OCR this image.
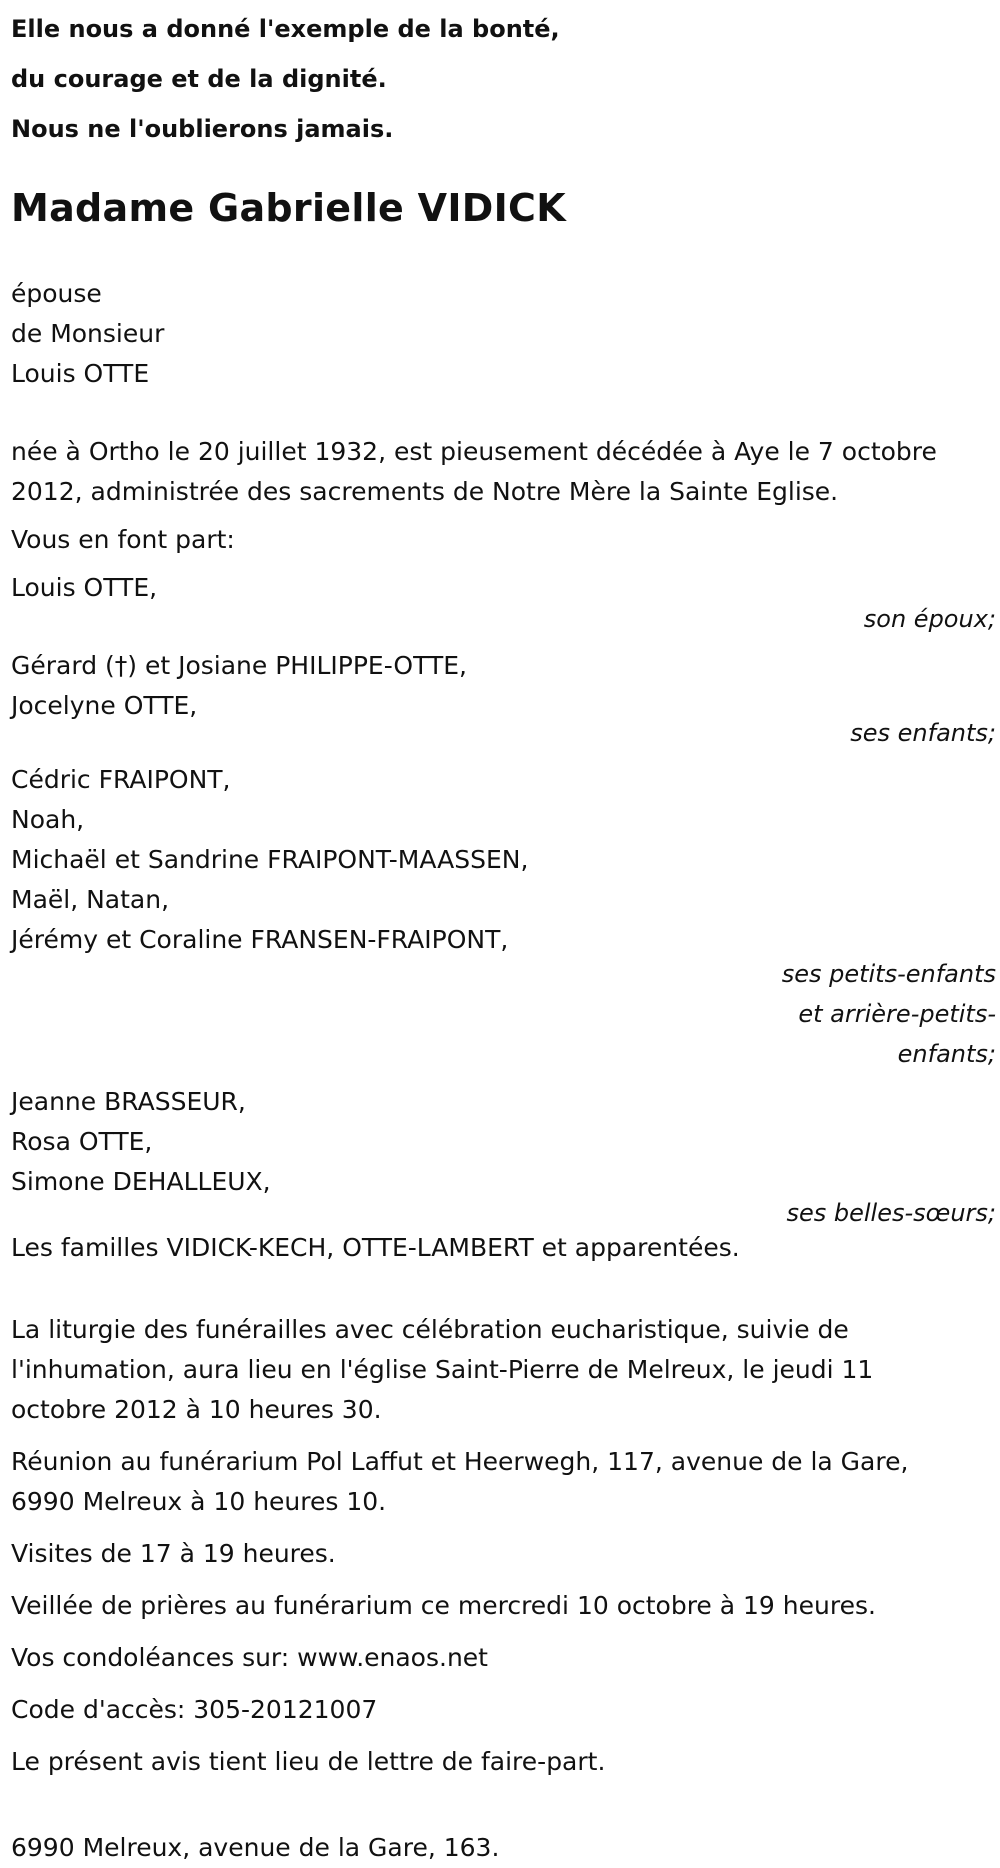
Elle nous a donné l'exemple de la bonté,

du courage et de la dignité.

Nous ne l'oublierons jamais.

Madame Gabrielle VIDICK

épouse

de Monsieur

Louis OTTE

née à Ortho le 20 juillet 1932, est pieusement décédée à Aye le 7 octobre 2012, administrée des sacrements de Notre Mère la Sainte Eglise.

Vous en font part:

Louis OTTE,

son époux;

Gérard (†) et Josiane PHILIPPE-OTTE,

Jocelyne OTTE,

ses enfants;

Cédric FRAIPONT,

Noah,

Michaël et Sandrine FRAIPONT-MAASSEN,

Maël, Natan,

Jérémy et Coraline FRANSEN-FRAIPONT,

ses petits-enfants
et arrière-petits-
enfants;

Jeanne BRASSEUR,

Rosa OTTE,

Simone DEHALLEUX,

ses belles-sœurs;

Les familles VIDICK-KECH, OTTE-LAMBERT et apparentées.

La liturgie des funérailles avec célébration eucharistique, suivie de

l'inhumation, aura lieu en l'église Saint-Pierre de Melreux, le jeudi 11

octobre 2012 à 10 heures 30.

Réunion au funérarium Pol Laffut et Heerwegh, 117, avenue de la Gare,

6990 Melreux à 10 heures 10.

Visites de 17 à 19 heures.

Veillée de prières au funérarium ce mercredi 10 octobre à 19 heures.

Vos condoléances sur: www.enaos.net

Code d'accès: 305-20121007

Le présent avis tient lieu de lettre de faire-part.

6990 Melreux, avenue de la Gare, 163.
